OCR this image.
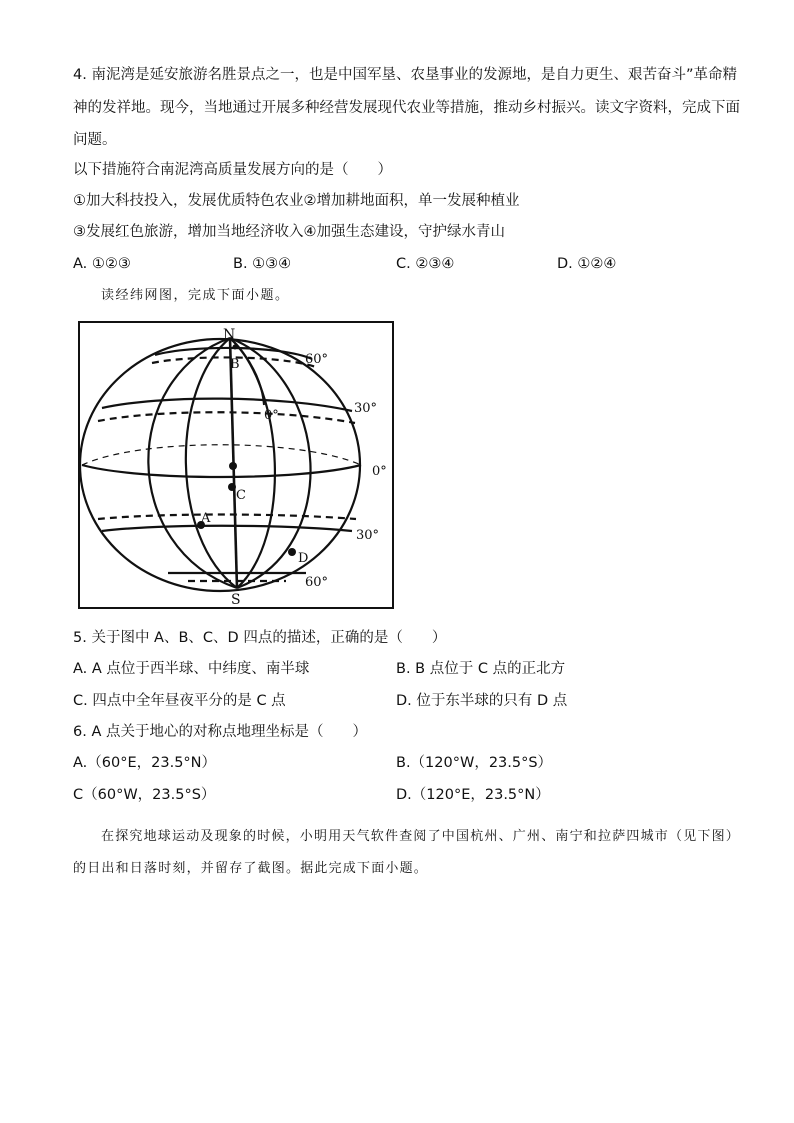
4. 南泥湾是延安旅游名胜景点之一，也是中国军垦、农垦事业的发源地，是自力更生、艰苦奋斗”革命精
神的发祥地。现今，当地通过开展多种经营发展现代农业等措施，推动乡村振兴。读文字资料，完成下面
问题。
以下措施符合南泥湾高质量发展方向的是（　　）
①加大科技投入，发展优质特色农业②增加耕地面积，单一发展种植业
③发展红色旅游，增加当地经济收入④加强生态建设，守护绿水青山
A. ①②③	B. ①③④	C. ②③④	D. ①②④
读经纬网图，完成下面小题。
N
S
B
C
A
D
60°
30°
0°
30°
60°
0°
5. 关于图中 A、B、C、D 四点的描述，正确的是（　　）
A. A 点位于西半球、中纬度、南半球	B. B 点位于 C 点的正北方
C. 四点中全年昼夜平分的是 C 点	D. 位于东半球的只有 D 点
6. A 点关于地心的对称点地理坐标是（　　）
A.（60°E，23.5°N）	B.（120°W，23.5°S）
C（60°W，23.5°S）	D.（120°E，23.5°N）
在探究地球运动及现象的时候，小明用天气软件查阅了中国杭州、广州、南宁和拉萨四城市（见下图）
的日出和日落时刻，并留存了截图。据此完成下面小题。
